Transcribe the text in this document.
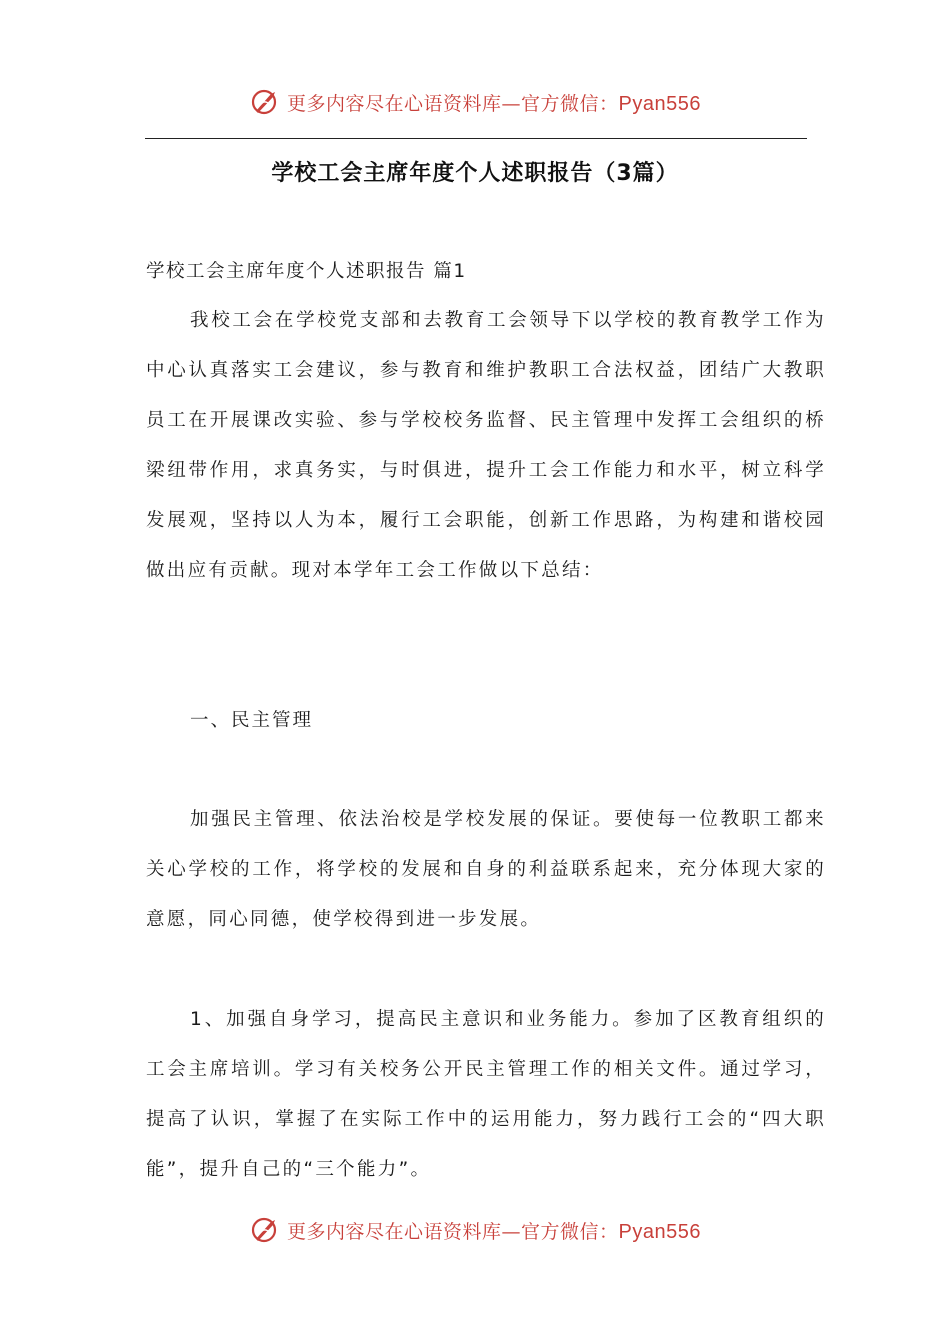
更多内容尽在心语资料库—官方微信：Pyan556
学校工会主席年度个人述职报告（3篇）
学校工会主席年度个人述职报告 篇1

我校工会在学校党支部和去教育工会领导下以学校的教育教学工作为中心认真落实工会建议，参与教育和维护教职工合法权益，团结广大教职员工在开展课改实验、参与学校校务监督、民主管理中发挥工会组织的桥梁纽带作用，求真务实，与时俱进，提升工会工作能力和水平，树立科学发展观，坚持以人为本，履行工会职能，创新工作思路，为构建和谐校园做出应有贡献。现对本学年工会工作做以下总结：

一、民主管理

加强民主管理、依法治校是学校发展的保证。要使每一位教职工都来关心学校的工作，将学校的发展和自身的利益联系起来，充分体现大家的意愿，同心同德，使学校得到进一步发展。

1、加强自身学习，提高民主意识和业务能力。参加了区教育组织的工会主席培训。学习有关校务公开民主管理工作的相关文件。通过学习，提高了认识，掌握了在实际工作中的运用能力，努力践行工会的“四大职能”，提升自己的“三个能力”。

更多内容尽在心语资料库—官方微信：Pyan556
